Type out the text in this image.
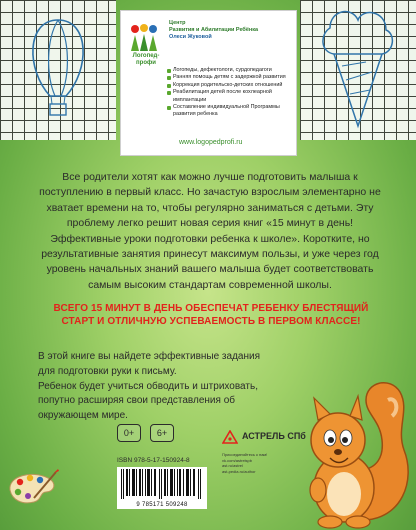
Логопед-
профи
Центр
Развития и Абилитации Ребёнка
Олеси Жуковой
Логопеды, дефектологи, сурдопедагоги
Ранняя помощь детям с задержкой развития
Коррекция родительско-детских отношений
Реабилитация детей после кохлеарной имплантации
Составление индивидуальной Программы развития ребенка
www.logopedprofi.ru
Все родители хотят как можно лучше подготовить малыша к поступлению в первый класс. Но зачастую взрослым элементарно не хватает времени на то, чтобы регулярно заниматься с детьми. Эту проблему легко решит новая серия книг «15 минут в день! Эффективные уроки подготовки ребенка к школе». Коротките, но результативные занятия принесут максимум пользы, и уже через год уровень начальных знаний вашего малыша будет соответствовать самым высоким стандартам современной школы.
ВСЕГО 15 МИНУТ В ДЕНЬ ОБЕСПЕЧАТ РЕБЕНКУ БЛЕСТЯЩИЙ СТАРТ И ОТЛИЧНУЮ УСПЕВАЕМОСТЬ В ПЕРВОМ КЛАССЕ!
В этой книге вы найдете эффективные задания для подготовки руки к письму.
Ребенок будет учиться обводить и штриховать, попутно расширяя свои представления об окружающем мире.
0+	6+
ISBN 978-5-17-150924-8
9 785171 509248
АСТРЕЛЬ СПб
Присоединяйтесь к нам!
vk.com/astrelspb
ast.ru/astrel
ast-pedia.ru/author
